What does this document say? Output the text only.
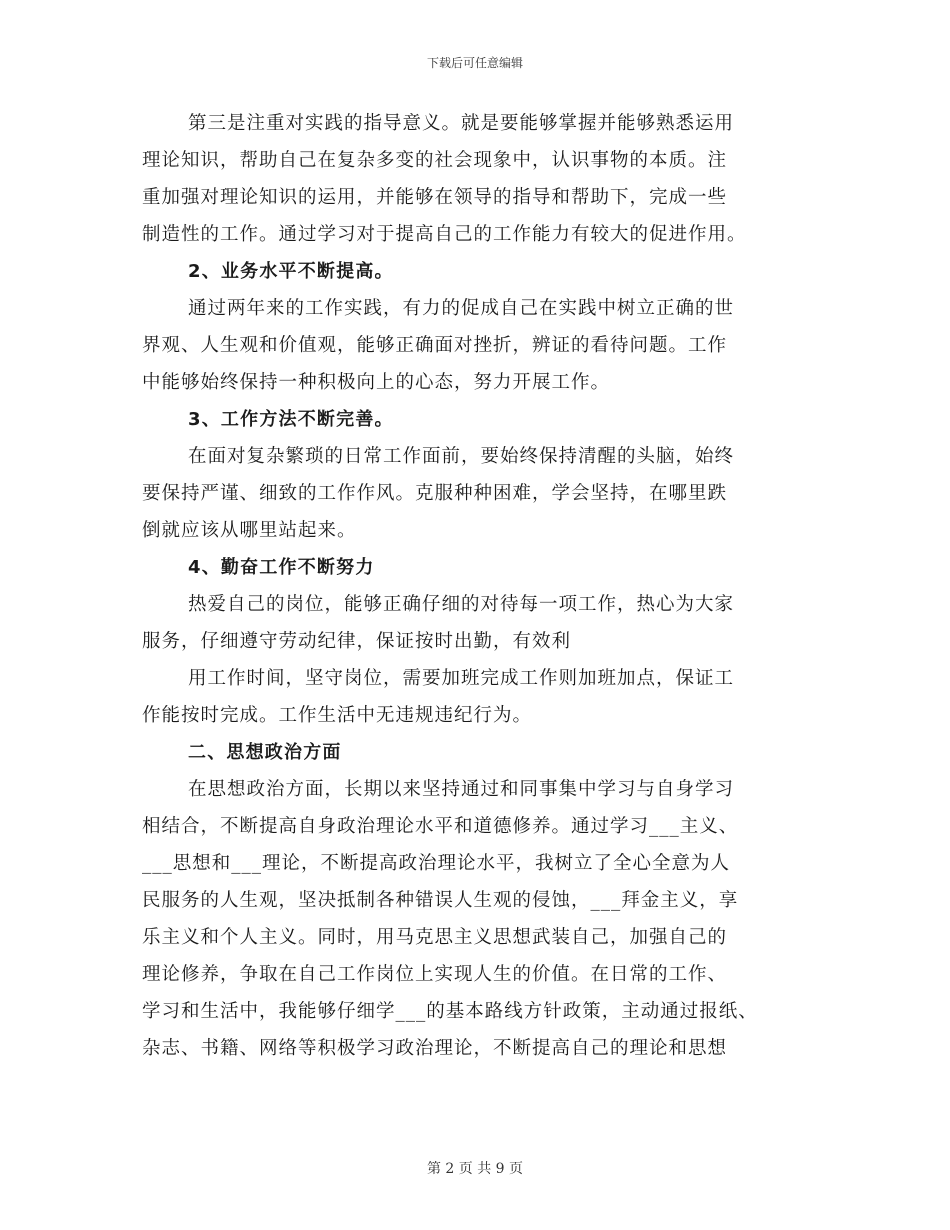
下载后可任意编辑
第三是注重对实践的指导意义。就是要能够掌握并能够熟悉运用
理论知识，帮助自己在复杂多变的社会现象中，认识事物的本质。注
重加强对理论知识的运用，并能够在领导的指导和帮助下，完成一些
制造性的工作。通过学习对于提高自己的工作能力有较大的促进作用。
2、业务水平不断提高。
通过两年来的工作实践，有力的促成自己在实践中树立正确的世
界观、人生观和价值观，能够正确面对挫折，辨证的看待问题。工作
中能够始终保持一种积极向上的心态，努力开展工作。
3、工作方法不断完善。
在面对复杂繁琐的日常工作面前，要始终保持清醒的头脑，始终
要保持严谨、细致的工作作风。克服种种困难，学会坚持，在哪里跌
倒就应该从哪里站起来。
4、勤奋工作不断努力
热爱自己的岗位，能够正确仔细的对待每一项工作，热心为大家
服务，仔细遵守劳动纪律，保证按时出勤，有效利
用工作时间，坚守岗位，需要加班完成工作则加班加点，保证工
作能按时完成。工作生活中无违规违纪行为。
二、思想政治方面
在思想政治方面，长期以来坚持通过和同事集中学习与自身学习
相结合，不断提高自身政治理论水平和道德修养。通过学习___主义、
___思想和___理论，不断提高政治理论水平，我树立了全心全意为人
民服务的人生观，坚决抵制各种错误人生观的侵蚀，___拜金主义，享
乐主义和个人主义。同时，用马克思主义思想武装自己，加强自己的
理论修养，争取在自己工作岗位上实现人生的价值。在日常的工作、
学习和生活中，我能够仔细学___的基本路线方针政策，主动通过报纸、
杂志、书籍、网络等积极学习政治理论，不断提高自己的理论和思想
第 2 页 共 9 页
